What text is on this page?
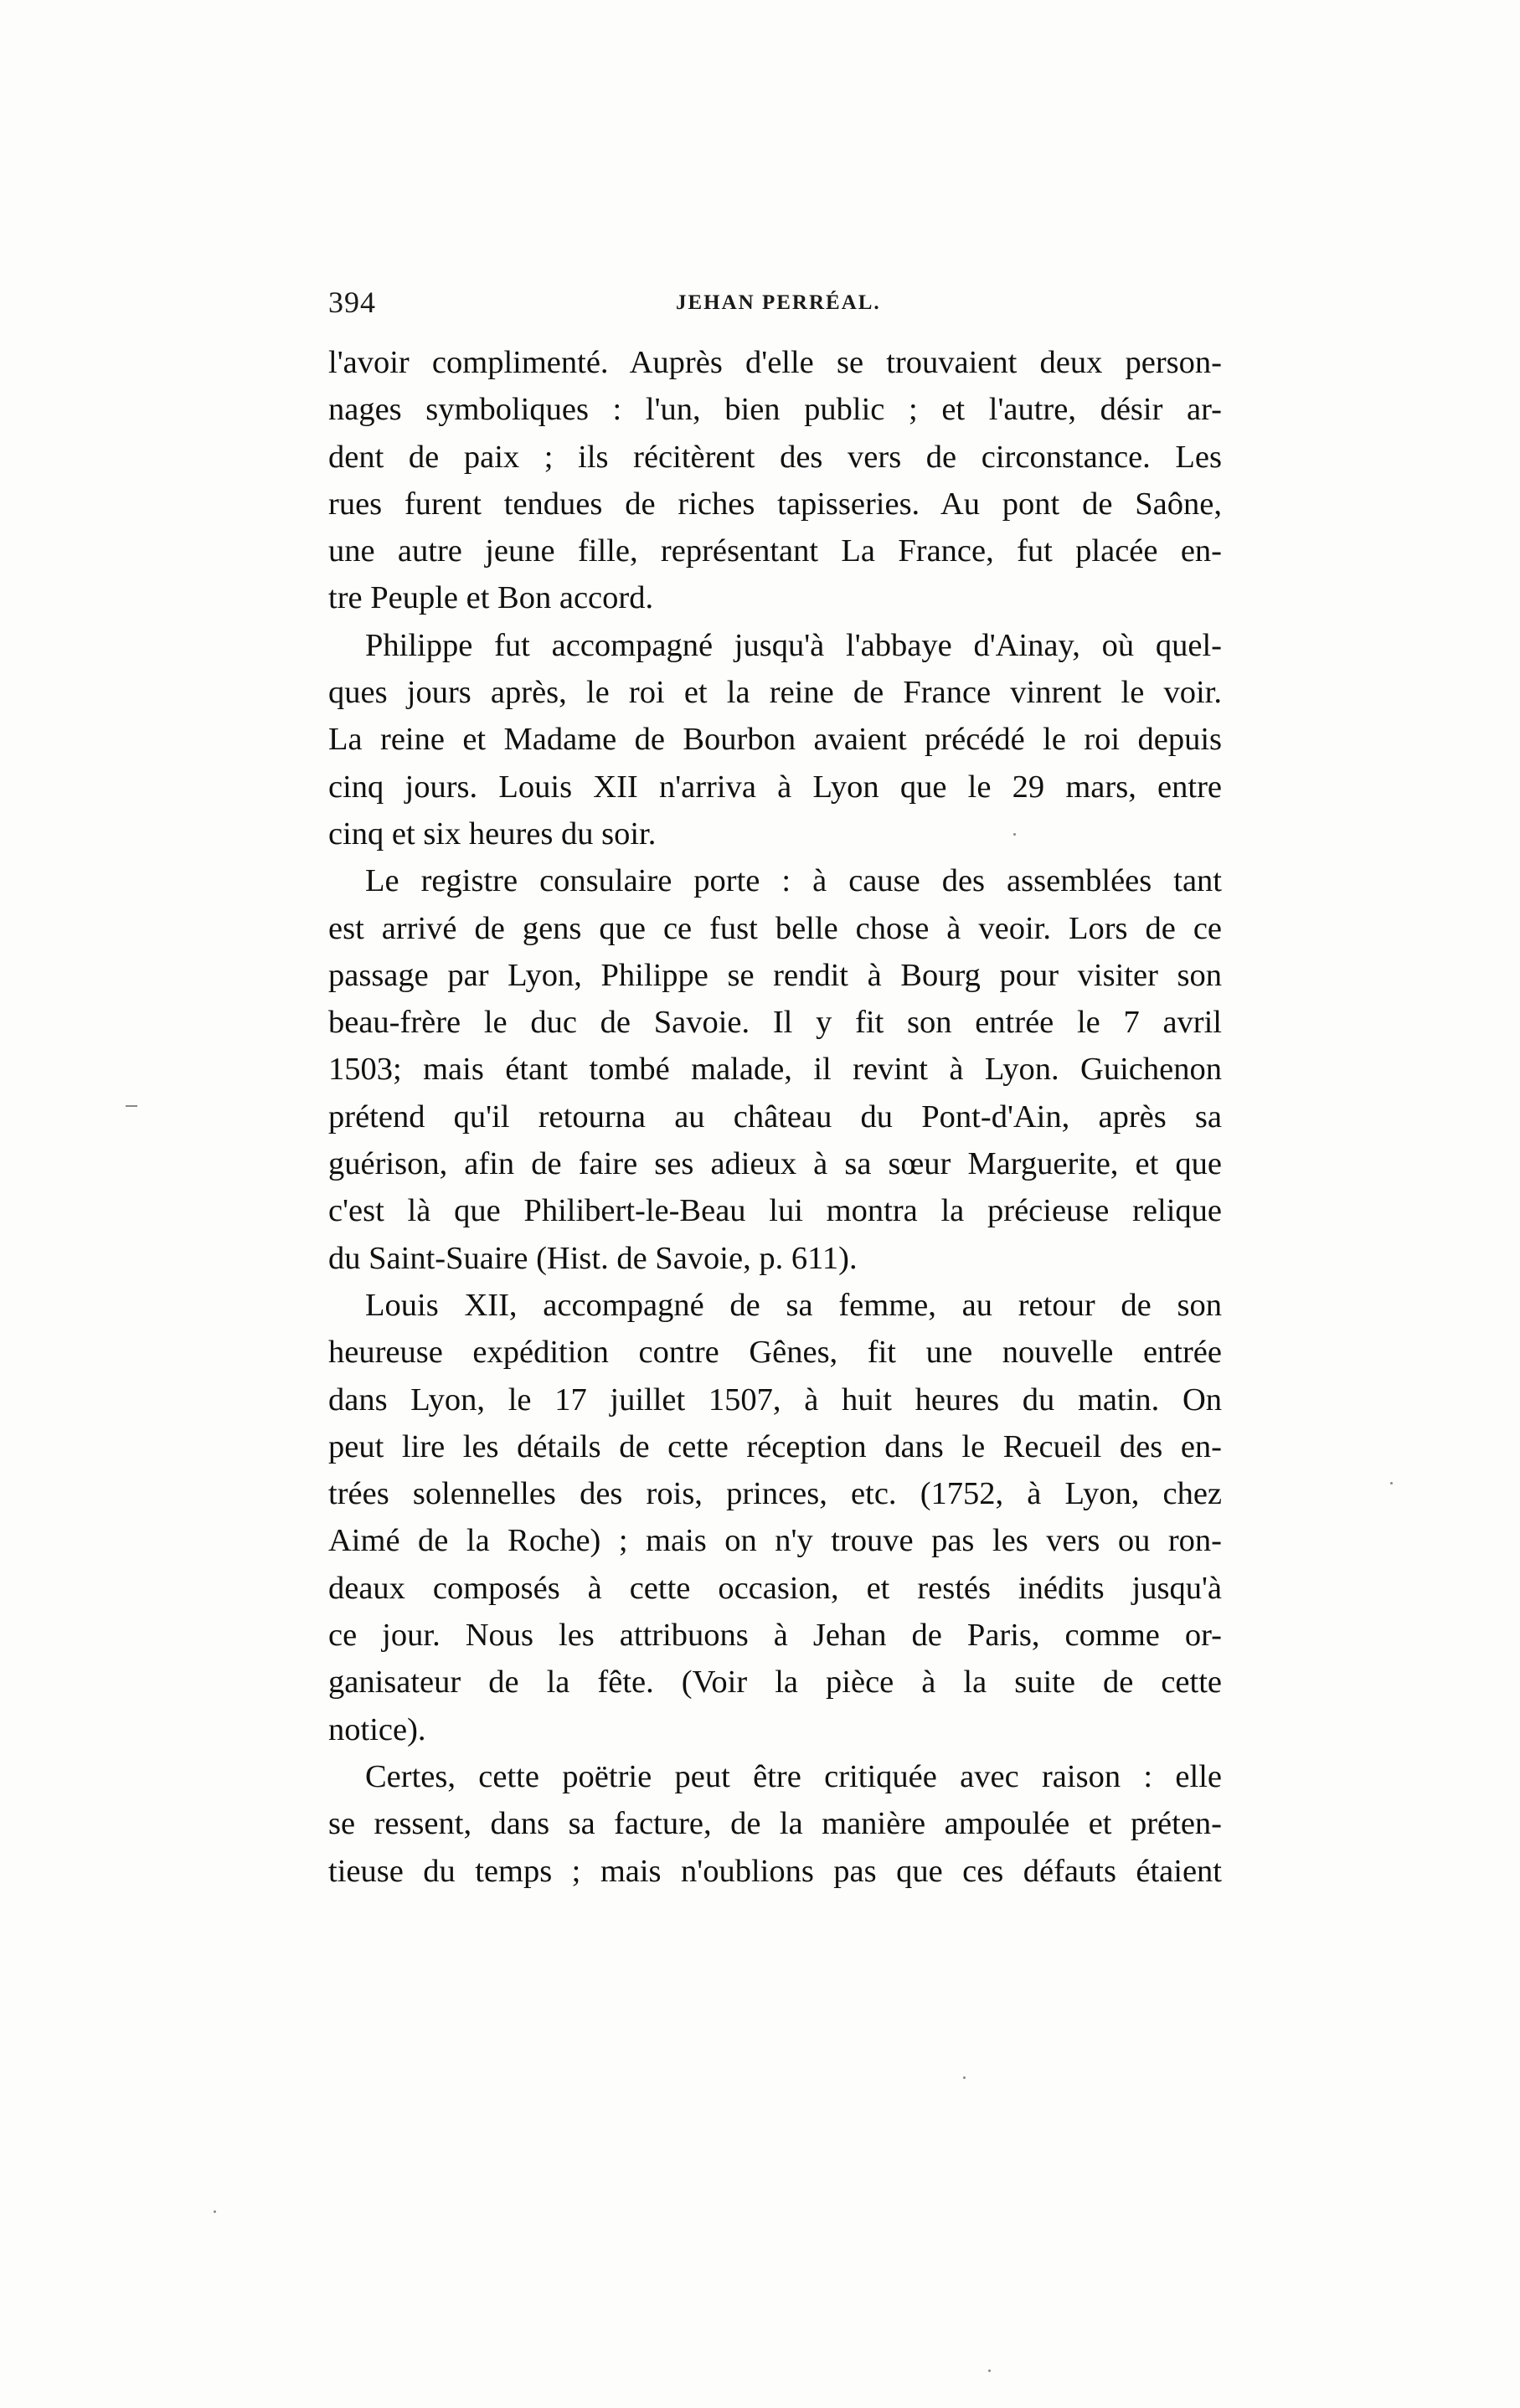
394	JEHAN PERRÉAL.

l'avoir complimenté. Auprès d'elle se trouvaient deux person-
nages symboliques : l'un, bien public ; et l'autre, désir ar-
dent de paix ; ils récitèrent des vers de circonstance. Les
rues furent tendues de riches tapisseries. Au pont de Saône,
une autre jeune fille, représentant La France, fut placée en-
tre Peuple et Bon accord.

Philippe fut accompagné jusqu'à l'abbaye d'Ainay, où quel-
ques jours après, le roi et la reine de France vinrent le voir.
La reine et Madame de Bourbon avaient précédé le roi depuis
cinq jours. Louis XII n'arriva à Lyon que le 29 mars, entre
cinq et six heures du soir.

Le registre consulaire porte : à cause des assemblées tant
est arrivé de gens que ce fust belle chose à veoir. Lors de ce
passage par Lyon, Philippe se rendit à Bourg pour visiter son
beau-frère le duc de Savoie. Il y fit son entrée le 7 avril
1503; mais étant tombé malade, il revint à Lyon. Guichenon
prétend qu'il retourna au château du Pont-d'Ain, après sa
guérison, afin de faire ses adieux à sa sœur Marguerite, et que
c'est là que Philibert-le-Beau lui montra la précieuse relique
du Saint-Suaire (Hist. de Savoie, p. 611).

Louis XII, accompagné de sa femme, au retour de son
heureuse expédition contre Gênes, fit une nouvelle entrée
dans Lyon, le 17 juillet 1507, à huit heures du matin. On
peut lire les détails de cette réception dans le Recueil des en-
trées solennelles des rois, princes, etc. (1752, à Lyon, chez
Aimé de la Roche) ; mais on n'y trouve pas les vers ou ron-
deaux composés à cette occasion, et restés inédits jusqu'à
ce jour. Nous les attribuons à Jehan de Paris, comme or-
ganisateur de la fête. (Voir la pièce à la suite de cette
notice).

Certes, cette poëtrie peut être critiquée avec raison : elle
se ressent, dans sa facture, de la manière ampoulée et préten-
tieuse du temps ; mais n'oublions pas que ces défauts étaient
